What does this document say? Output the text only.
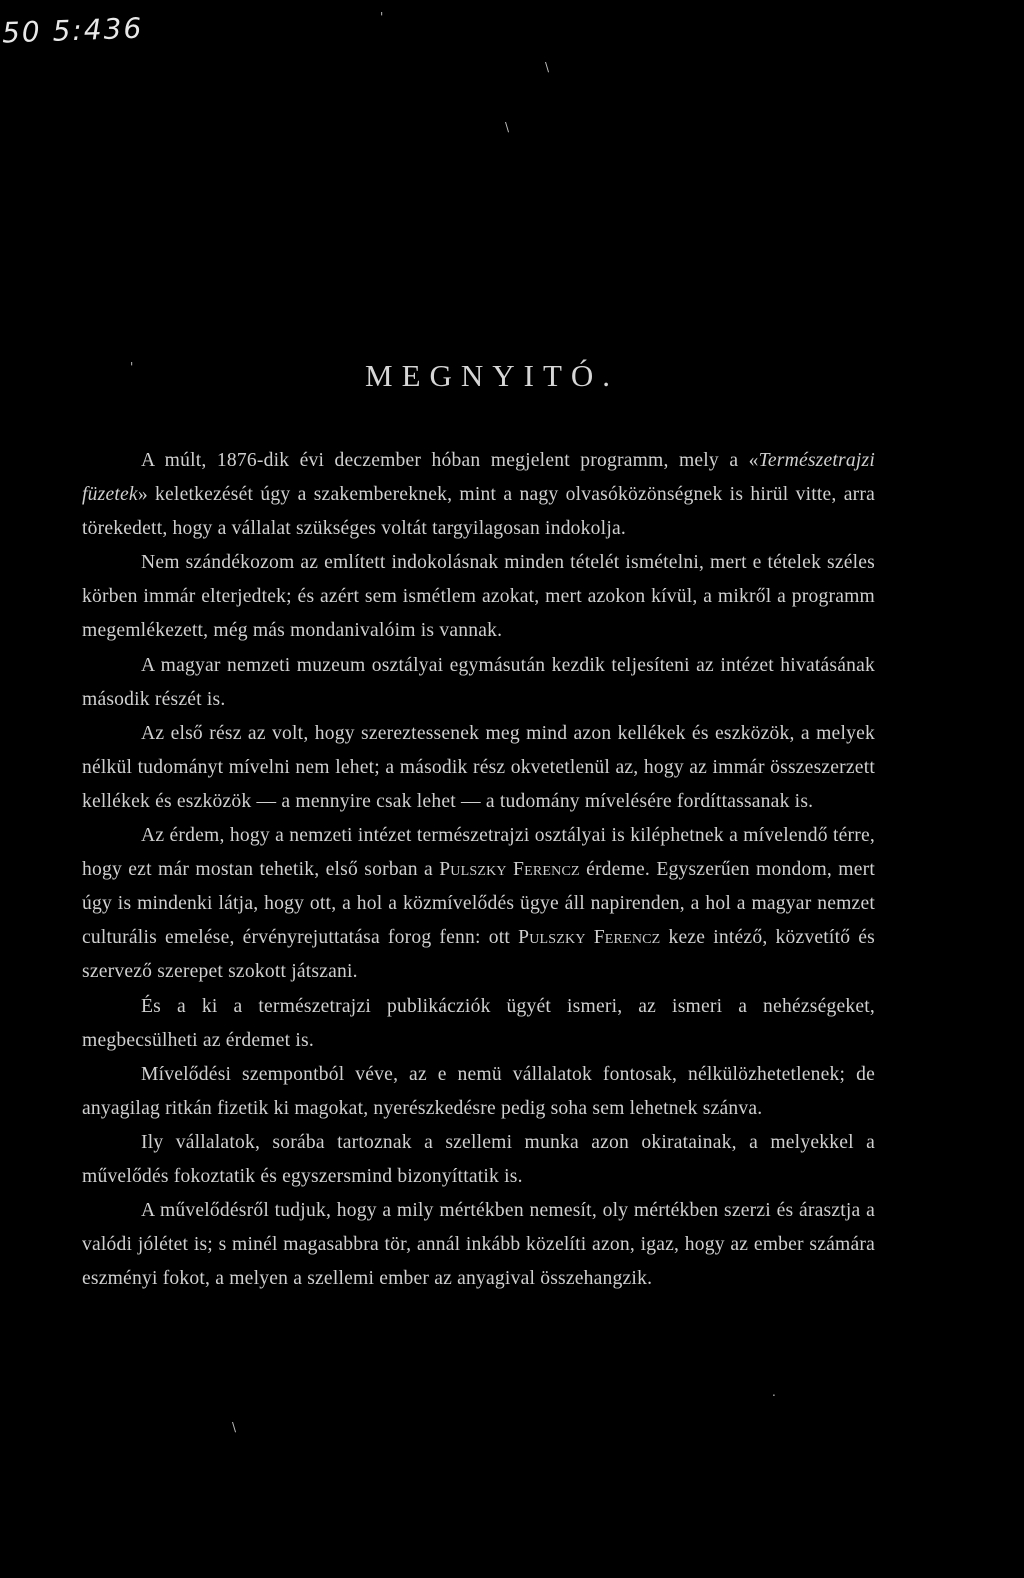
50 5:436	'
\
\
'
\
.
MEGNYITÓ.

A múlt, 1876-dik évi deczember hóban megjelent programm, mely a «Természetrajzi füzetek» keletkezését úgy a szakembereknek, mint a nagy olvasóközönségnek is hirül vitte, arra törekedett, hogy a vállalat szükséges voltát targyilagosan indokolja.

Nem szándékozom az említett indokolásnak minden tételét ismételni, mert e tételek széles körben immár elterjedtek; és azért sem ismétlem azokat, mert azokon kívül, a mikről a programm megemlékezett, még más mondanivalóim is vannak.

A magyar nemzeti muzeum osztályai egymásután kezdik teljesíteni az intézet hivatásának második részét is.

Az első rész az volt, hogy szereztessenek meg mind azon kellékek és eszközök, a melyek nélkül tudományt mívelni nem lehet; a második rész okvetetlenül az, hogy az immár összeszerzett kellékek és eszközök — a mennyire csak lehet — a tudomány mívelésére fordíttassanak is.

Az érdem, hogy a nemzeti intézet természetrajzi osztályai is kiléphetnek a mívelendő térre, hogy ezt már mostan tehetik, első sorban a Pulszky Ferencz érdeme. Egyszerűen mondom, mert úgy is mindenki látja, hogy ott, a hol a közmívelődés ügye áll napirenden, a hol a magyar nemzet culturális emelése, érvényrejuttatása forog fenn: ott Pulszky Ferencz keze intéző, közvetítő és szervező szerepet szokott játszani.

És a ki a természetrajzi publikácziók ügyét ismeri, az ismeri a nehézségeket, megbecsülheti az érdemet is.

Mívelődési szempontból véve, az e nemü vállalatok fontosak, nélkülözhetetlenek; de anyagilag ritkán fizetik ki magokat, nyerészkedésre pedig soha sem lehetnek szánva.

Ily vállalatok, sorába tartoznak a szellemi munka azon okiratainak, a melyekkel a művelődés fokoztatik és egyszersmind bizonyíttatik is.

A művelődésről tudjuk, hogy a mily mértékben nemesít, oly mértékben szerzi és árasztja a valódi jólétet is; s minél magasabbra tör, annál inkább közelíti azon, igaz, hogy az ember számára eszményi fokot, a melyen a szellemi ember az anyagival összehangzik.
